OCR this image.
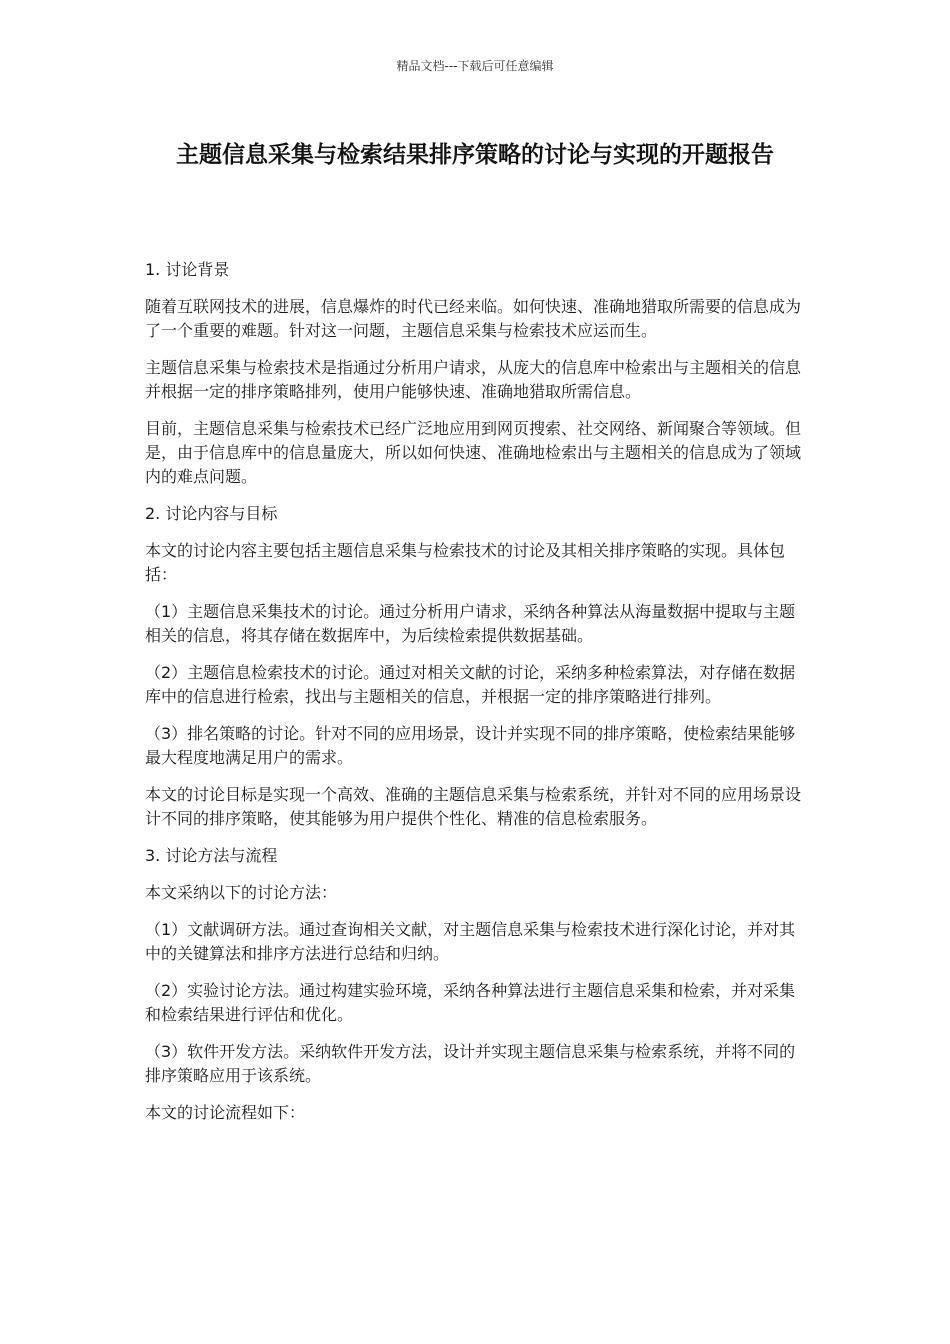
精品文档---下载后可任意编辑
主题信息采集与检索结果排序策略的讨论与实现的开题报告

1. 讨论背景

随着互联网技术的进展，信息爆炸的时代已经来临。如何快速、准确地猎取所需要的信息成为了一个重要的难题。针对这一问题，主题信息采集与检索技术应运而生。

主题信息采集与检索技术是指通过分析用户请求，从庞大的信息库中检索出与主题相关的信息并根据一定的排序策略排列，使用户能够快速、准确地猎取所需信息。

目前，主题信息采集与检索技术已经广泛地应用到网页搜索、社交网络、新闻聚合等领域。但是，由于信息库中的信息量庞大，所以如何快速、准确地检索出与主题相关的信息成为了领域内的难点问题。

2. 讨论内容与目标

本文的讨论内容主要包括主题信息采集与检索技术的讨论及其相关排序策略的实现。具体包括：

（1）主题信息采集技术的讨论。通过分析用户请求，采纳各种算法从海量数据中提取与主题相关的信息，将其存储在数据库中，为后续检索提供数据基础。

（2）主题信息检索技术的讨论。通过对相关文献的讨论，采纳多种检索算法，对存储在数据库中的信息进行检索，找出与主题相关的信息，并根据一定的排序策略进行排列。

（3）排名策略的讨论。针对不同的应用场景，设计并实现不同的排序策略，使检索结果能够最大程度地满足用户的需求。

本文的讨论目标是实现一个高效、准确的主题信息采集与检索系统，并针对不同的应用场景设计不同的排序策略，使其能够为用户提供个性化、精准的信息检索服务。

3. 讨论方法与流程

本文采纳以下的讨论方法：

（1）文献调研方法。通过查询相关文献，对主题信息采集与检索技术进行深化讨论，并对其中的关键算法和排序方法进行总结和归纳。

（2）实验讨论方法。通过构建实验环境，采纳各种算法进行主题信息采集和检索，并对采集和检索结果进行评估和优化。

（3）软件开发方法。采纳软件开发方法，设计并实现主题信息采集与检索系统，并将不同的排序策略应用于该系统。

本文的讨论流程如下：
